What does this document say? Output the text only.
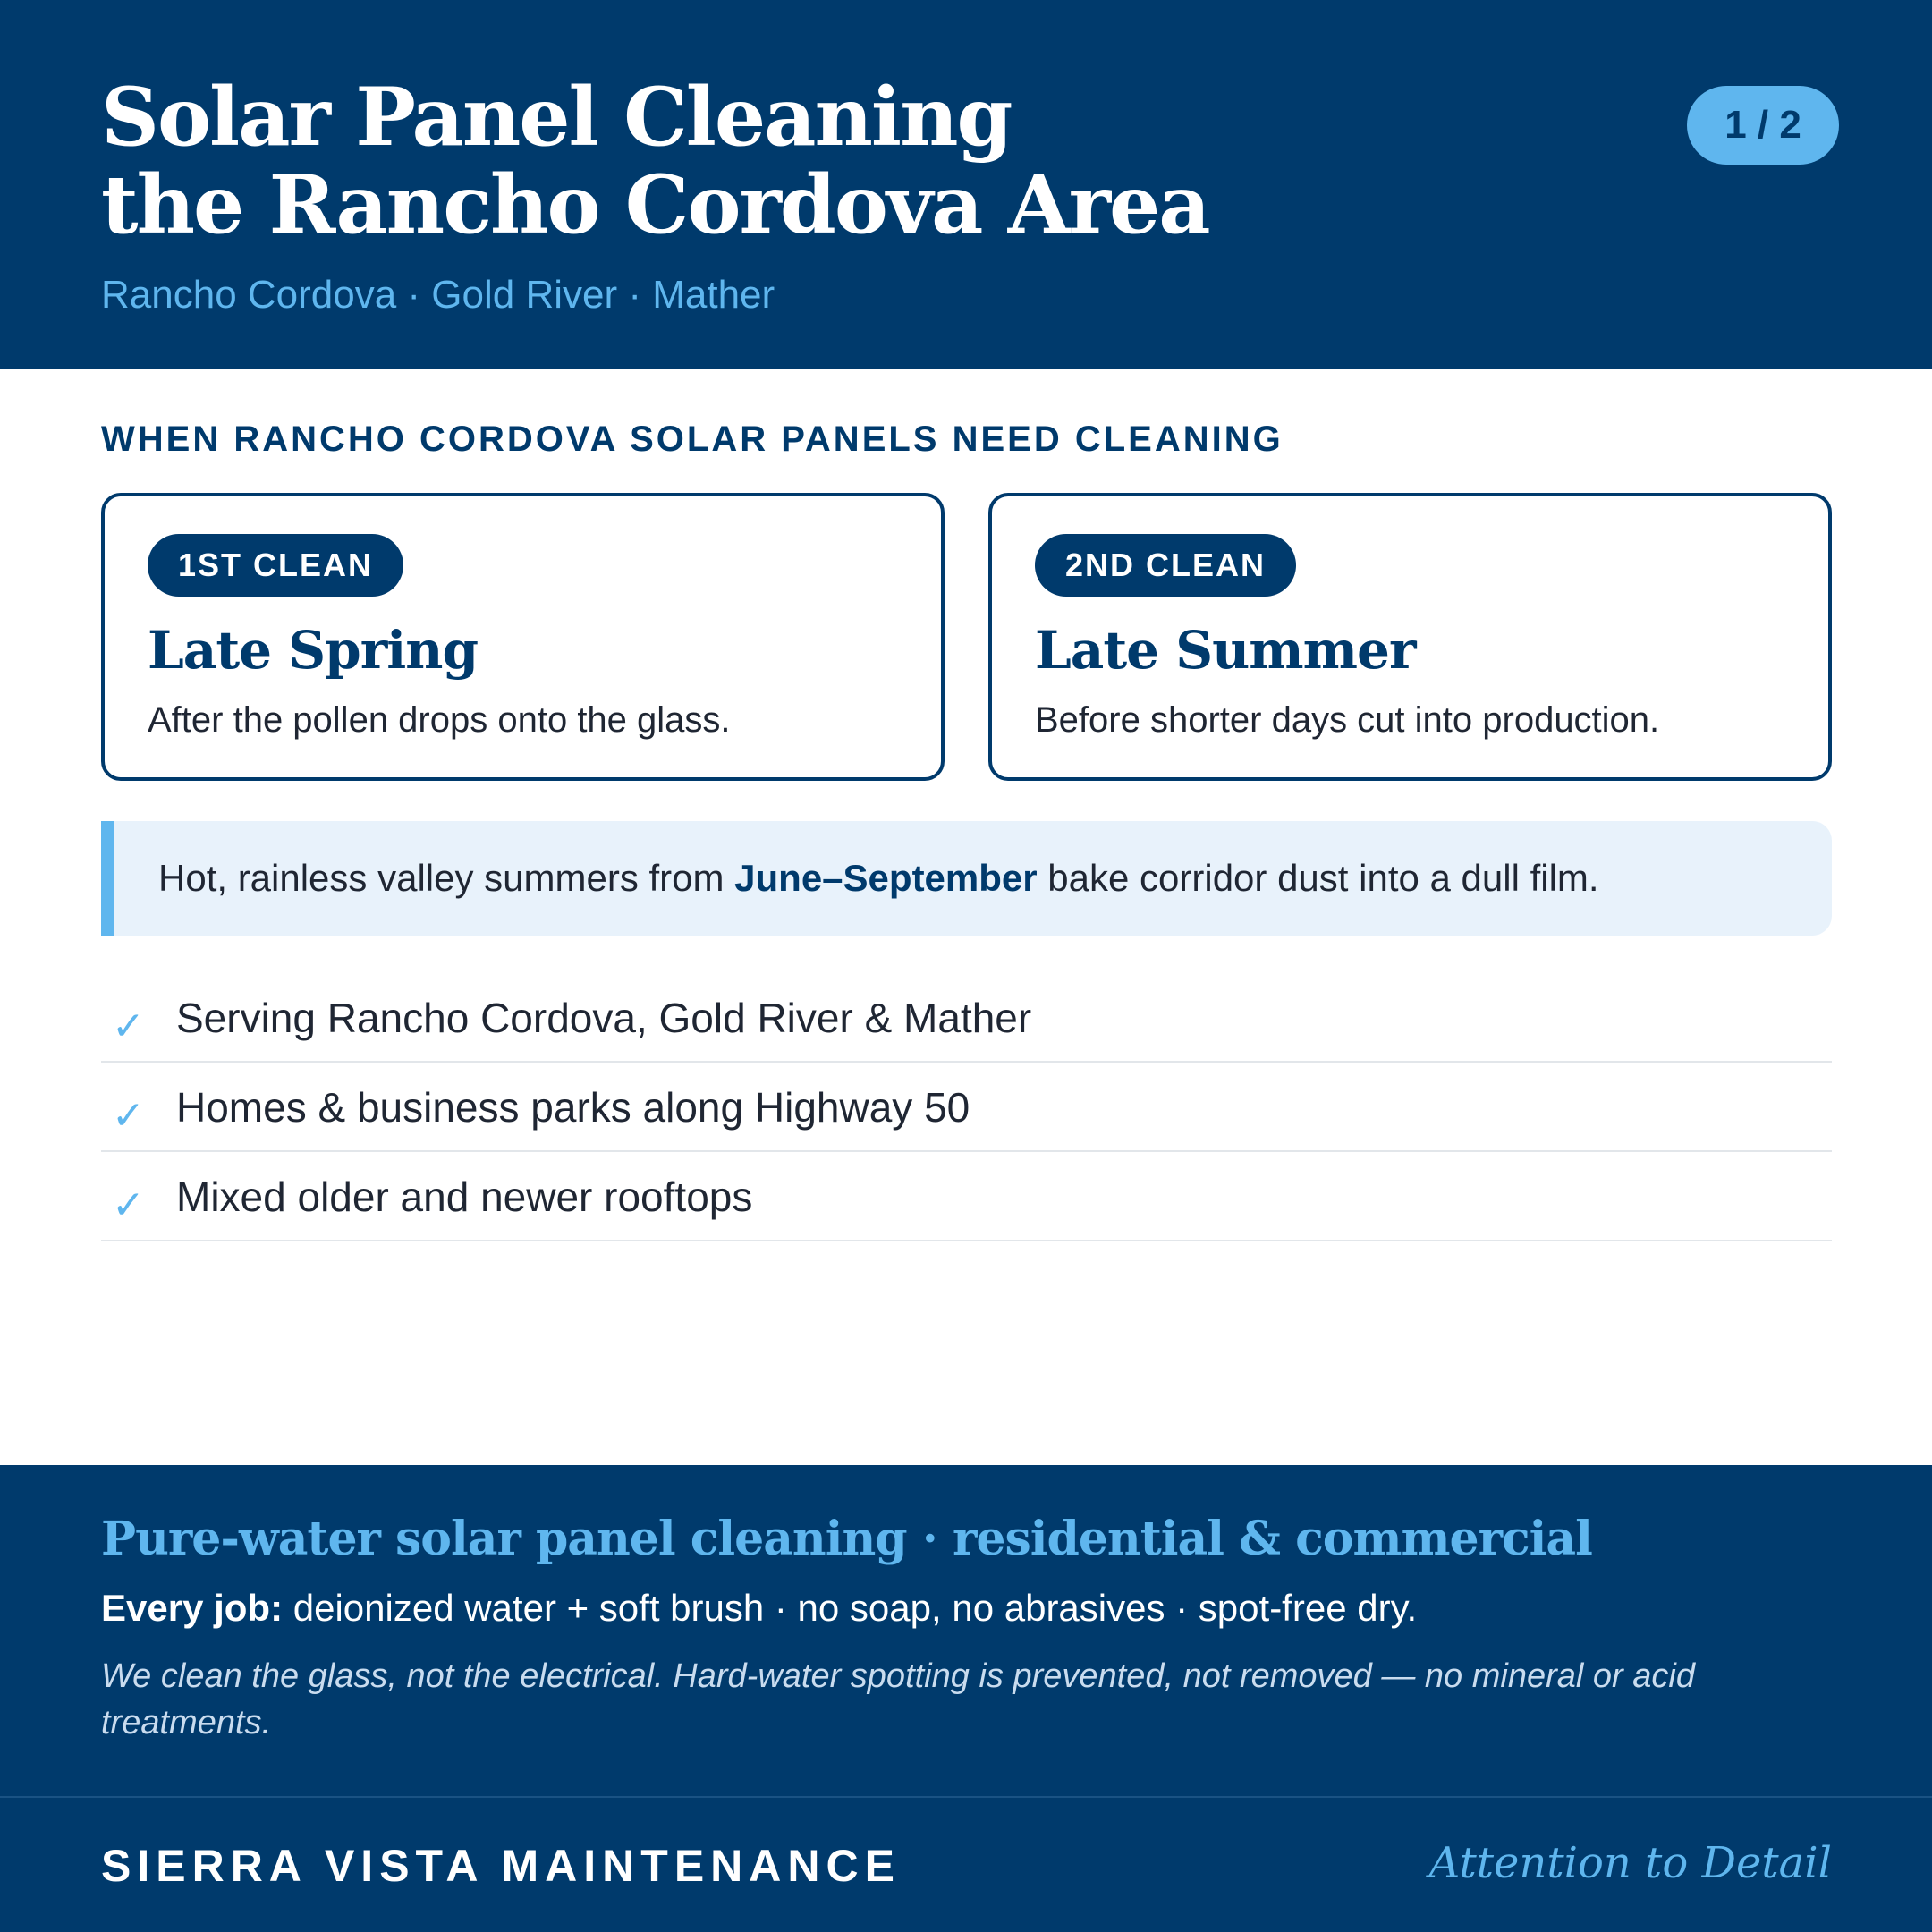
Solar Panel Cleaning
the Rancho Cordova Area
Rancho Cordova · Gold River · Mather
1 / 2
WHEN RANCHO CORDOVA SOLAR PANELS NEED CLEANING
1ST CLEAN
Late Spring
After the pollen drops onto the glass.
2ND CLEAN
Late Summer
Before shorter days cut into production.

Hot, rainless valley summers from June–September bake corridor dust into a dull film.

✓ Serving Rancho Cordova, Gold River & Mather
✓ Homes & business parks along Highway 50
✓ Mixed older and newer rooftops
Pure-water solar panel cleaning · residential & commercial

Every job: deionized water + soft brush · no soap, no abrasives · spot-free dry.

We clean the glass, not the electrical. Hard-water spotting is prevented, not removed — no mineral or acid treatments.

SIERRA VISTA MAINTENANCE	Attention to Detail
